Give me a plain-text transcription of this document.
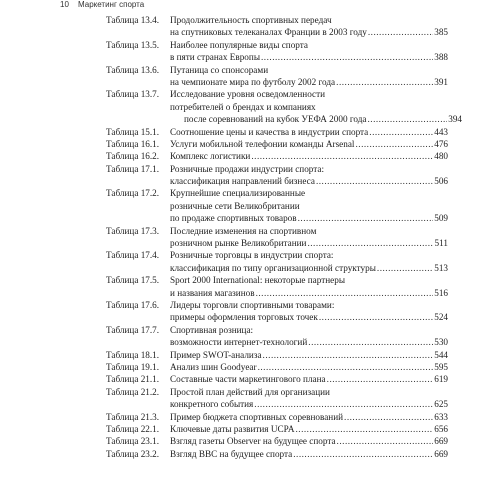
10 Маркетинг спорта
Таблица 13.4. Продолжительность спортивных передач
на спутниковых телеканалах Франции в 2003 году .....	385
Таблица 13.5. Наиболее популярные виды спорта
в пяти странах Европы .....	388
Таблица 13.6. Путаница со спонсорами
на чемпионате мира по футболу 2002 года .....	391
Таблица 13.7. Исследование уровня осведомленности
потребителей о брендах и компаниях
после соревнований на кубок УЕФА 2000 года .....	394
Таблица 15.1. Соотношение цены и качества в индустрии спорта .....	443
Таблица 16.1. Услуги мобильной телефонии команды Arsenal .....	476
Таблица 16.2. Комплекс логистики .....	480
Таблица 17.1. Розничные продажи индустрии спорта:
классификация направлений бизнеса .....	506
Таблица 17.2. Крупнейшие специализированные
розничные сети Великобритании
по продаже спортивных товаров .....	509
Таблица 17.3. Последние изменения на спортивном
розничном рынке Великобритании .....	511
Таблица 17.4. Розничные торговцы в индустрии спорта:
классификация по типу организационной структуры .....	513
Таблица 17.5. Sport 2000 International: некоторые партнеры
и названия магазинов .....	516
Таблица 17.6. Лидеры торговли спортивными товарами:
примеры оформления торговых точек .....	524
Таблица 17.7. Спортивная розница:
возможности интернет-технологий .....	530
Таблица 18.1. Пример SWOT-анализа .....	544
Таблица 19.1. Анализ шин Goodyear .....	595
Таблица 21.1. Составные части маркетингового плана .....	619
Таблица 21.2. Простой план действий для организации
конкретного события .....	625
Таблица 21.3. Пример бюджета спортивных соревнований .....	633
Таблица 22.1. Ключевые даты развития UCPA .....	656
Таблица 23.1. Взгляд газеты Observer на будущее спорта .....	669
Таблица 23.2. Взгляд BBC на будущее спорта .....	669
